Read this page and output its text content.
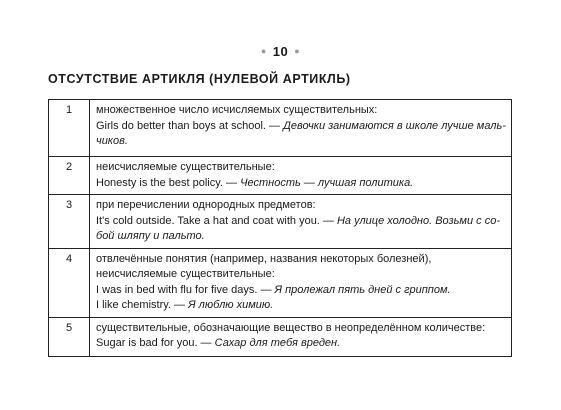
● 10 ●
ОТСУТСТВИЕ АРТИКЛЯ (НУЛЕВОЙ АРТИКЛЬ)
1	множественное число исчисляемых существительных:
Girls do better than boys at school. — Девочки занимаются в школе лучше маль-чиков.

2	неисчисляемые существительные:
Honesty is the best policy. — Честность — лучшая политика.

3	при перечислении однородных предметов:
It's cold outside. Take a hat and coat with you. — На улице холодно. Возьми с со-бой шляпу и пальто.

4	отвлечённые понятия (например, названия некоторых болезней), неисчисляемые существительные:
I was in bed with flu for five days. — Я пролежал пять дней с гриппом.
I like chemistry. — Я люблю химию.

5	существительные, обозначающие вещество в неопределённом количестве:
Sugar is bad for you. — Сахар для тебя вреден.
